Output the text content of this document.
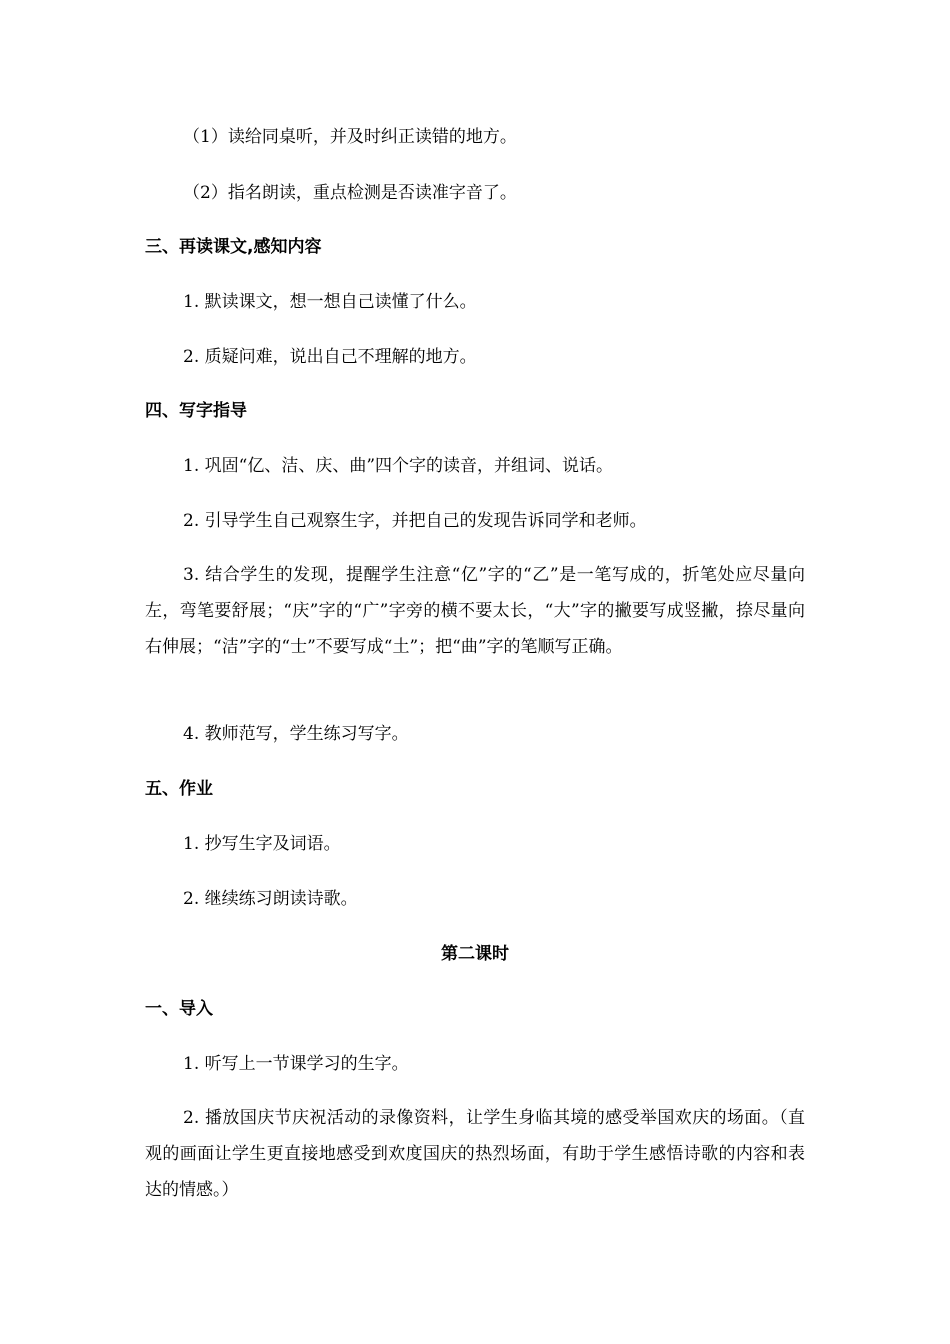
（1）读给同桌听，并及时纠正读错的地方。
（2）指名朗读，重点检测是否读准字音了。
三、再读课文,感知内容
1. 默读课文，想一想自己读懂了什么。
2. 质疑问难，说出自己不理解的地方。
四、写字指导
1. 巩固“亿、洁、庆、曲”四个字的读音，并组词、说话。
2. 引导学生自己观察生字，并把自己的发现告诉同学和老师。
3. 结合学生的发现，提醒学生注意“亿”字的“乙”是一笔写成的，折笔处应尽量向左，弯笔要舒展；“庆”字的“广”字旁的横不要太长，“大”字的撇要写成竖撇，捺尽量向右伸展；“洁”字的“士”不要写成“土”；把“曲”字的笔顺写正确。
4. 教师范写，学生练习写字。
五、作业
1. 抄写生字及词语。
2. 继续练习朗读诗歌。
第二课时
一、导入
1. 听写上一节课学习的生字。
2. 播放国庆节庆祝活动的录像资料，让学生身临其境的感受举国欢庆的场面。（直观的画面让学生更直接地感受到欢度国庆的热烈场面，有助于学生感悟诗歌的内容和表达的情感。）
